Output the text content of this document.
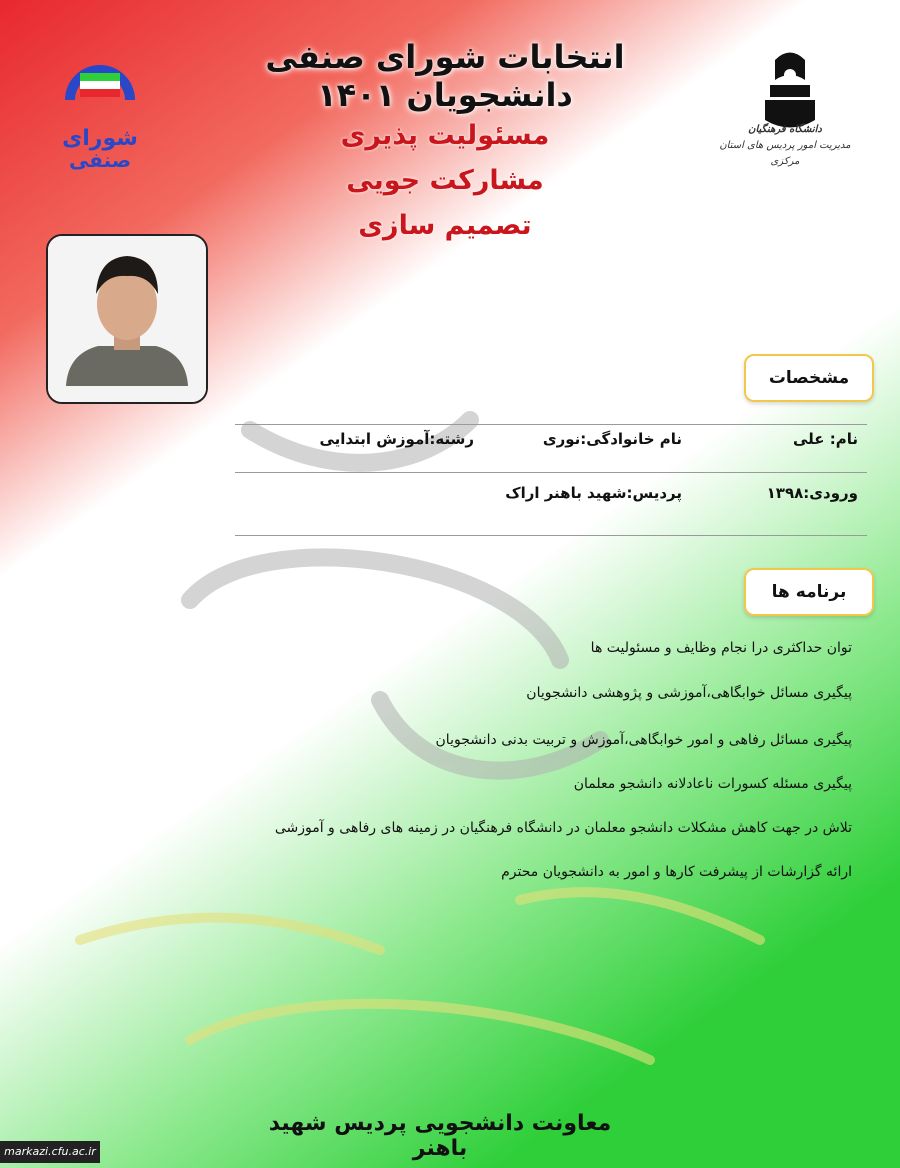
انتخابات شورای صنفی دانشجویان ۱۴۰۱
شورای
صنفی
دانشگاه فرهنگیان
مدیریت امور پردیس های استان مرکزی
مسئولیت پذیری
مشارکت جویی
تصمیم سازی
مشخصات
نام: علی
نام خانوادگی:نوری
رشته:آموزش ابتدایی
ورودی:۱۳۹۸
پردیس:شهید باهنر اراک
برنامه ها
توان حداکثری درا نجام وظایف و مسئولیت ها
پیگیری مسائل خوابگاهی،آموزشی و پژوهشی دانشجویان
پیگیری مسائل رفاهی و امور خوابگاهی،آموزش و تربیت بدنی دانشجویان
پیگیری مسئله کسورات ناعادلانه دانشجو معلمان
تلاش در جهت کاهش مشکلات دانشجو معلمان در دانشگاه فرهنگیان در زمینه های رفاهی و آموزشی
ارائه گزارشات از پیشرفت کارها و امور به دانشجویان محترم
معاونت دانشجویی پردیس شهید باهنر
markazi.cfu.ac.ir
